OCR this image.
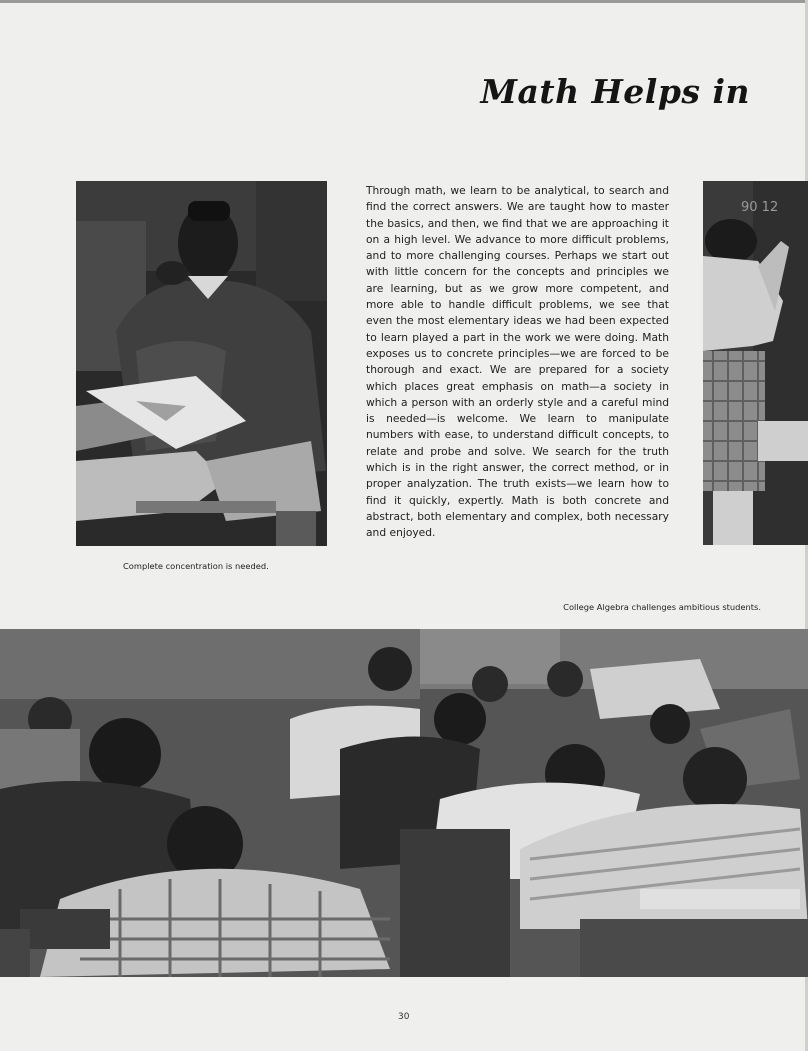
Math Helps in
Through math, we learn to be analytical, to search and find the correct answers. We are taught how to master the basics, and then, we find that we are approaching it on a high level. We advance to more difficult problems, and to more challenging courses. Perhaps we start out with little concern for the concepts and principles we are learning, but as we grow more competent, and more able to handle difficult problems, we see that even the most elementary ideas we had been expected to learn played a part in the work we were doing. Math exposes us to concrete principles—we are forced to be thorough and exact. We are prepared for a society which places great emphasis on math—a society in which a person with an orderly style and a careful mind is needed—is welcome. We learn to manipulate numbers with ease, to understand difficult concepts, to relate and probe and solve. We search for the truth which is in the right answer, the correct method, or in proper analyzation. The truth exists—we learn how to find it quickly, expertly. Math is both concrete and abstract, both elementary and complex, both necessary and enjoyed.
90 12
Complete concentration is needed.
College Algebra challenges ambitious students.
30
